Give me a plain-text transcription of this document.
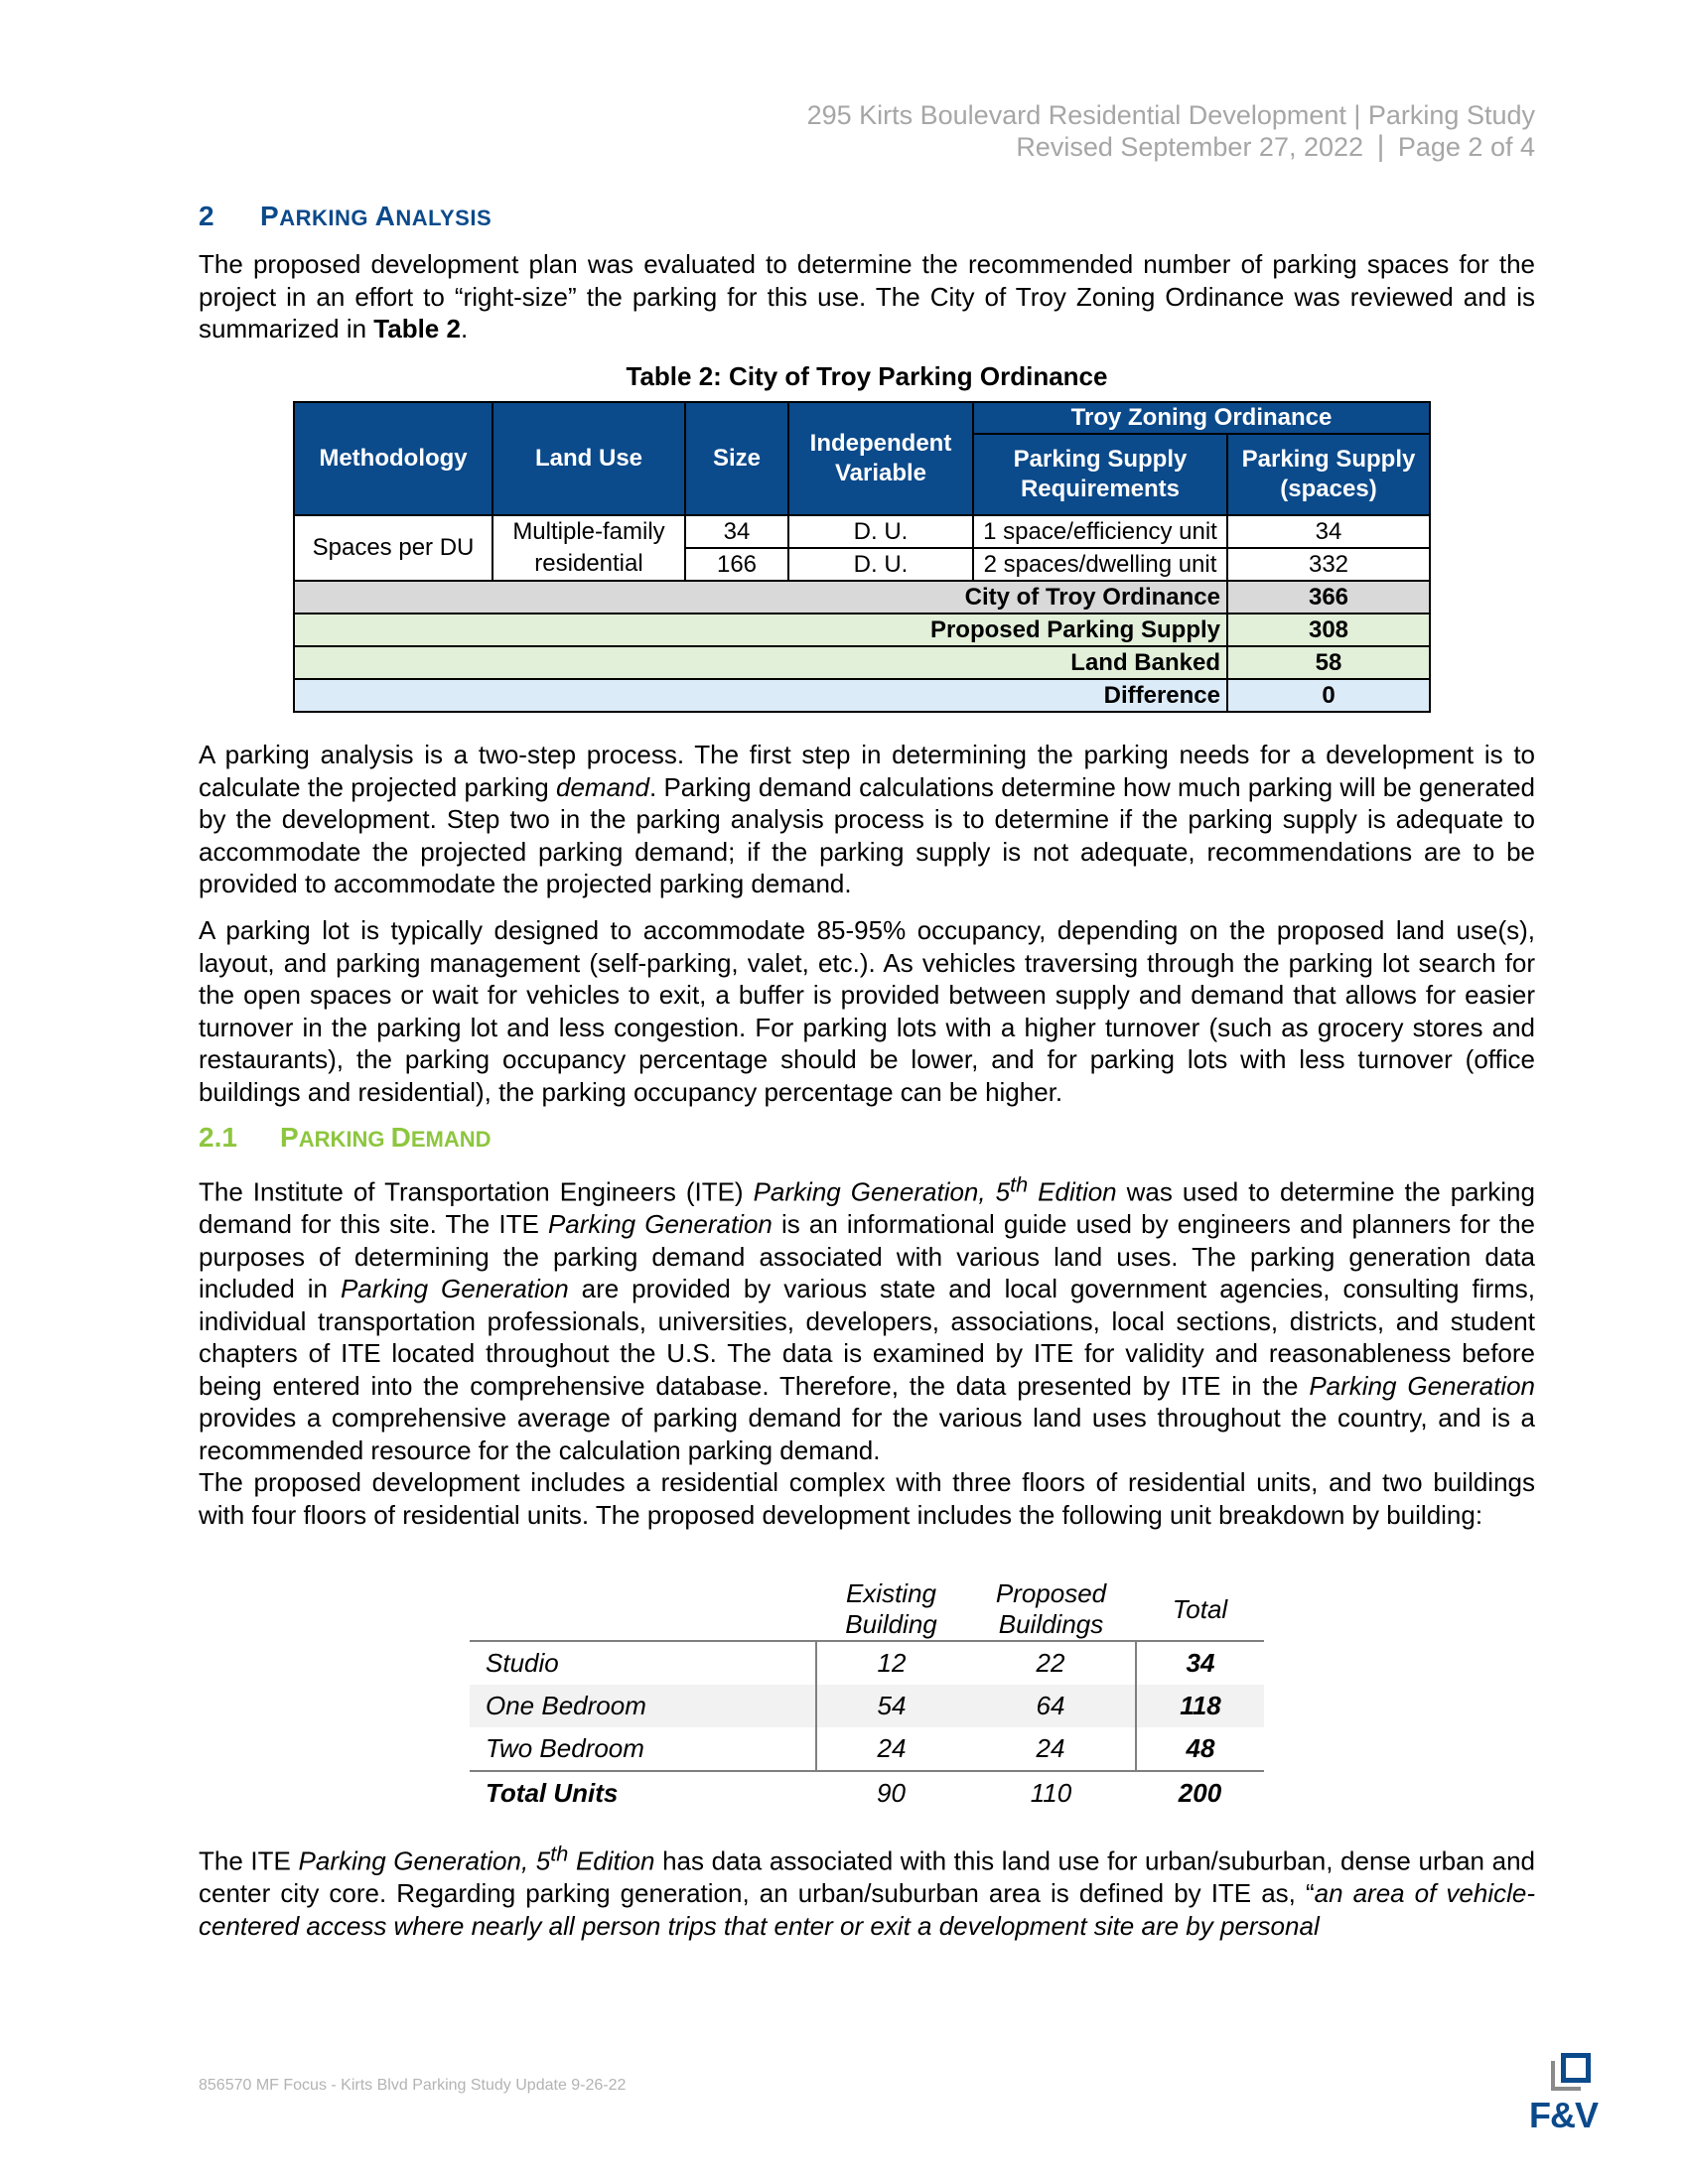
295 Kirts Boulevard Residential Development | Parking Study
Revised September 27, 2022 | Page 2 of 4
2 PARKING ANALYSIS

The proposed development plan was evaluated to determine the recommended number of parking spaces for the project in an effort to “right-size” the parking for this use. The City of Troy Zoning Ordinance was reviewed and is summarized in Table 2.

Table 2: City of Troy Parking Ordinance
Methodology	Land Use	Size	Independent Variable	Troy Zoning Ordinance	
				Parking Supply Requirements	Parking Supply (spaces)
Spaces per DU	Multiple-family residential	34	D. U.	1 space/efficiency unit	34
		166	D. U.	2 spaces/dwelling unit	332
City of Troy Ordinance					366
Proposed Parking Supply					308
Land Banked					58
Difference					0

A parking analysis is a two-step process. The first step in determining the parking needs for a development is to calculate the projected parking demand. Parking demand calculations determine how much parking will be generated by the development. Step two in the parking analysis process is to determine if the parking supply is adequate to accommodate the projected parking demand; if the parking supply is not adequate, recommendations are to be provided to accommodate the projected parking demand.

A parking lot is typically designed to accommodate 85-95% occupancy, depending on the proposed land use(s), layout, and parking management (self-parking, valet, etc.). As vehicles traversing through the parking lot search for the open spaces or wait for vehicles to exit, a buffer is provided between supply and demand that allows for easier turnover in the parking lot and less congestion. For parking lots with a higher turnover (such as grocery stores and restaurants), the parking occupancy percentage should be lower, and for parking lots with less turnover (office buildings and residential), the parking occupancy percentage can be higher.
2.1 PARKING DEMAND

The Institute of Transportation Engineers (ITE) Parking Generation, 5th Edition was used to determine the parking demand for this site. The ITE Parking Generation is an informational guide used by engineers and planners for the purposes of determining the parking demand associated with various land uses. The parking generation data included in Parking Generation are provided by various state and local government agencies, consulting firms, individual transportation professionals, universities, developers, associations, local sections, districts, and student chapters of ITE located throughout the U.S. The data is examined by ITE for validity and reasonableness before being entered into the comprehensive database. Therefore, the data presented by ITE in the Parking Generation provides a comprehensive average of parking demand for the various land uses throughout the country, and is a recommended resource for the calculation parking demand.

The proposed development includes a residential complex with three floors of residential units, and two buildings with four floors of residential units. The proposed development includes the following unit breakdown by building:
	Existing Building	Proposed Buildings	Total
Studio	12	22	34
One Bedroom	54	64	118
Two Bedroom	24	24	48
Total Units	90	110	200

The ITE Parking Generation, 5th Edition has data associated with this land use for urban/suburban, dense urban and center city core. Regarding parking generation, an urban/suburban area is defined by ITE as, “an area of vehicle-centered access where nearly all person trips that enter or exit a development site are by personal

856570 MF Focus - Kirts Blvd Parking Study Update 9-26-22
F&V
